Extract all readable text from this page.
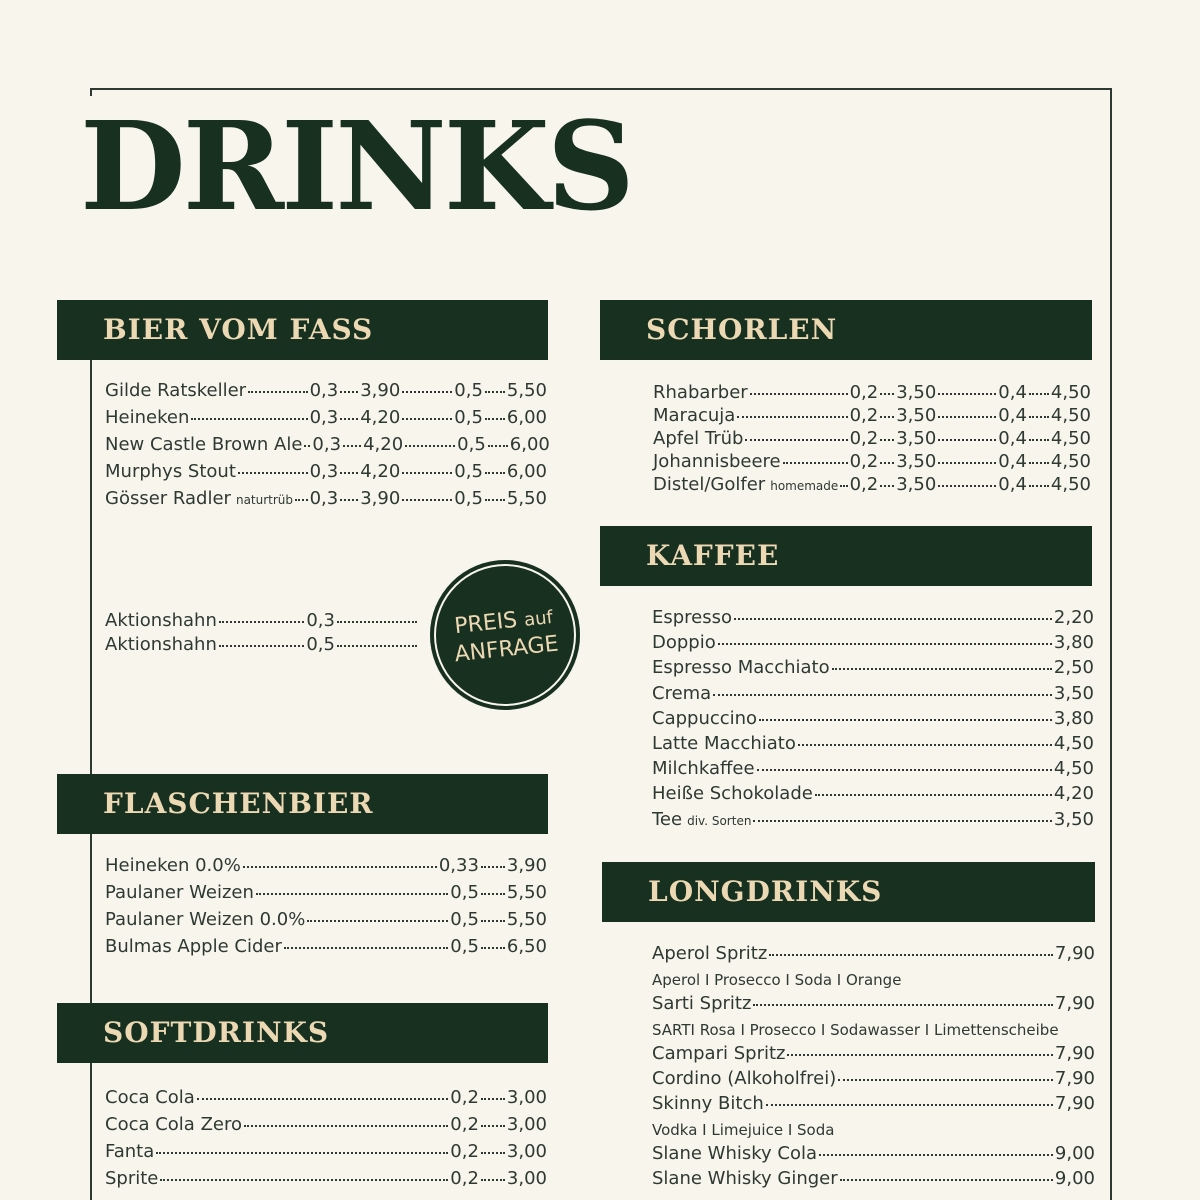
DRINKS
BIER VOM FASS
Gilde Ratskeller	0,3 3,90	0,5 5,50
Heineken	0,3 4,20	0,5 6,00
New Castle Brown Ale 0,3 4,20	0,5 6,00
Murphys Stout	0,3 4,20	0,5 6,00
Gösser Radler naturtrüb 0,3 3,90	0,5 5,50
Aktionshahn	0,3
Aktionshahn	0,5
PREIS auf
ANFRAGE
FLASCHENBIER
Heineken 0.0%	0,33 3,90
Paulaner Weizen	0,5 5,50
Paulaner Weizen 0.0%	0,5 5,50
Bulmas Apple Cider	0,5 6,50
SOFTDRINKS
Coca Cola	0,2 3,00
Coca Cola Zero	0,2 3,00
Fanta	0,2 3,00
Sprite	0,2 3,00
SCHORLEN
Rhabarber	0,2 3,50	0,4 4,50
Maracuja	0,2 3,50	0,4 4,50
Apfel Trüb	0,2 3,50	0,4 4,50
Johannisbeere	0,2 3,50	0,4 4,50
Distel/Golfer homemade 0,2 3,50	0,4 4,50
KAFFEE
Espresso	2,20
Doppio	3,80
Espresso Macchiato	2,50
Crema	3,50
Cappuccino	3,80
Latte Macchiato	4,50
Milchkaffee	4,50
Heiße Schokolade	4,20
Tee div. Sorten	3,50
LONGDRINKS
Aperol Spritz	7,90
Aperol I Prosecco I Soda I Orange
Sarti Spritz	7,90
SARTI Rosa I Prosecco I Sodawasser I Limettenscheibe
Campari Spritz	7,90
Cordino (Alkoholfrei)	7,90
Skinny Bitch	7,90
Vodka I Limejuice I Soda
Slane Whisky Cola	9,00
Slane Whisky Ginger	9,00
